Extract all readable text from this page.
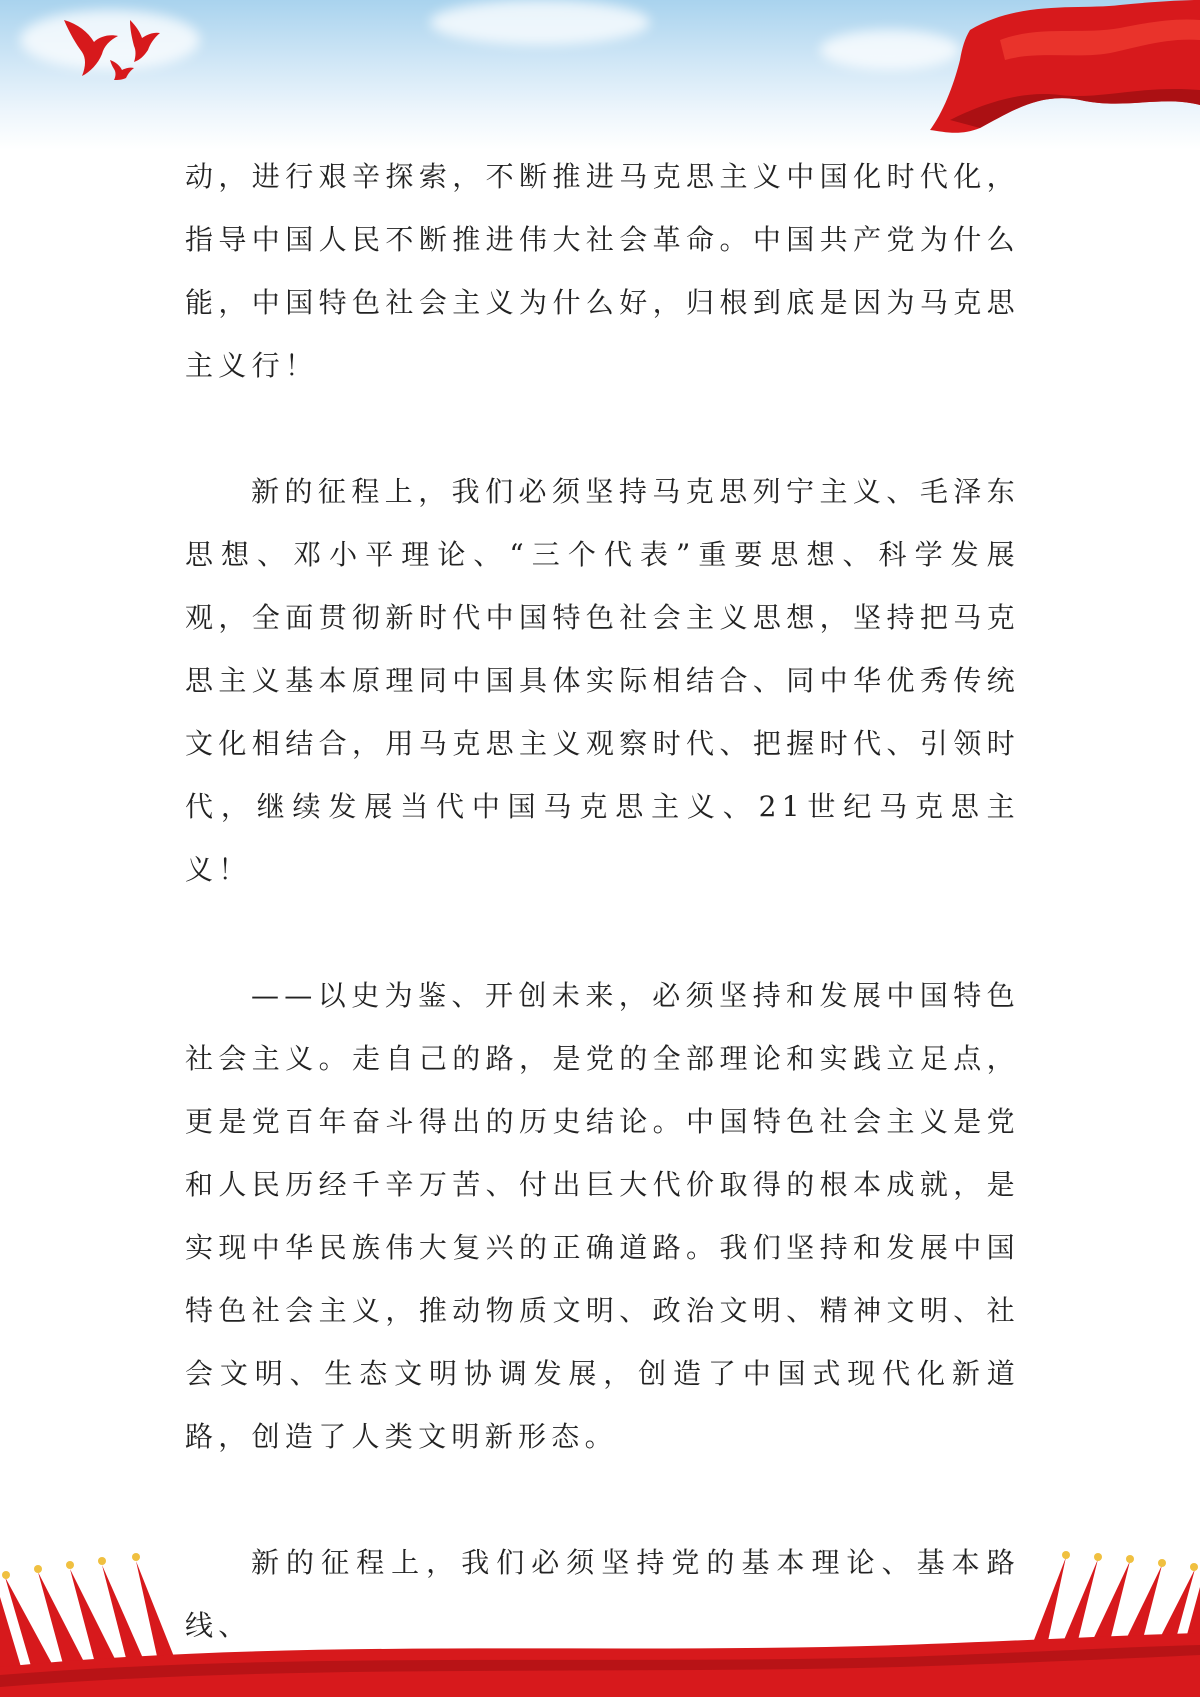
动，进行艰辛探索，不断推进马克思主义中国化时代化，指导中国人民不断推进伟大社会革命。中国共产党为什么能，中国特色社会主义为什么好，归根到底是因为马克思主义行！

新的征程上，我们必须坚持马克思列宁主义、毛泽东思想、邓小平理论、“三个代表”重要思想、科学发展观，全面贯彻新时代中国特色社会主义思想，坚持把马克思主义基本原理同中国具体实际相结合、同中华优秀传统文化相结合，用马克思主义观察时代、把握时代、引领时代，继续发展当代中国马克思主义、21世纪马克思主义！

——以史为鉴、开创未来，必须坚持和发展中国特色社会主义。走自己的路，是党的全部理论和实践立足点，更是党百年奋斗得出的历史结论。中国特色社会主义是党和人民历经千辛万苦、付出巨大代价取得的根本成就，是实现中华民族伟大复兴的正确道路。我们坚持和发展中国特色社会主义，推动物质文明、政治文明、精神文明、社会文明、生态文明协调发展，创造了中国式现代化新道路，创造了人类文明新形态。

新的征程上，我们必须坚持党的基本理论、基本路线、
